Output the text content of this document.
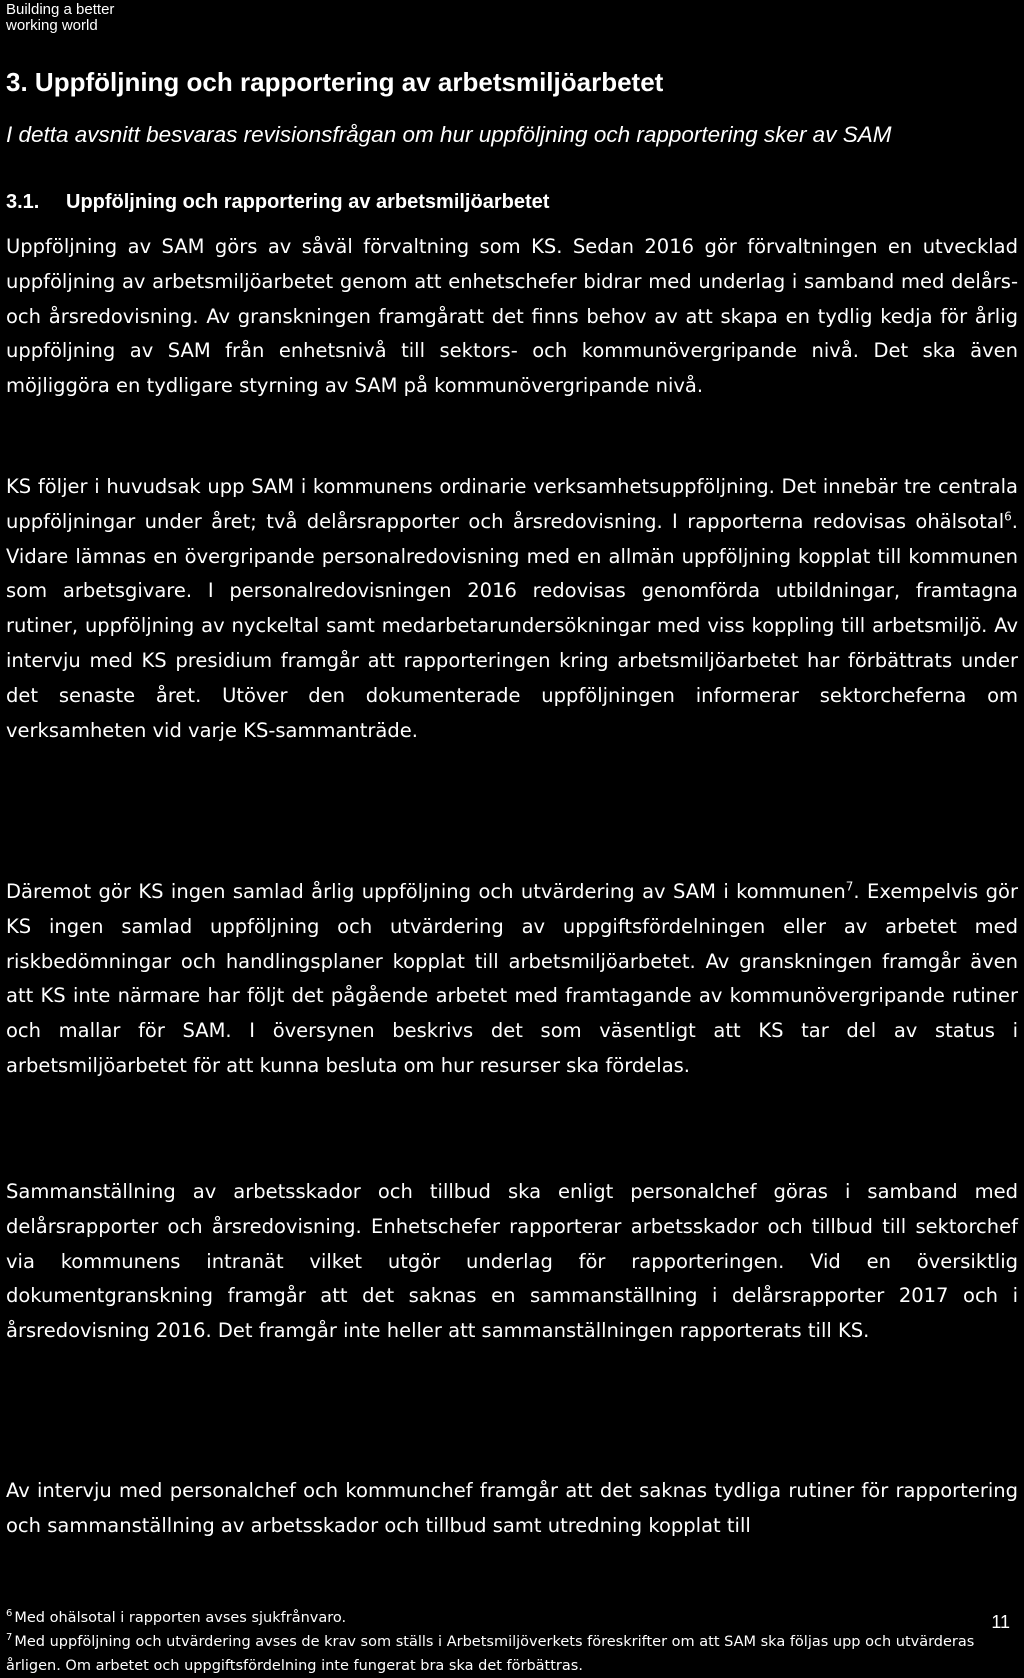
Building a better working world
3. Uppföljning och rapportering av arbetsmiljöarbetet

I detta avsnitt besvaras revisionsfrågan om hur uppföljning och rapportering sker av SAM

3.1. Uppföljning och rapportering av arbetsmiljöarbetet

Uppföljning av SAM görs av såväl förvaltning som KS. Sedan 2016 gör förvaltningen en utvecklad uppföljning av arbetsmiljöarbetet genom att enhetschefer bidrar med underlag i samband med delårs- och årsredovisning. Av granskningen framgåratt det finns behov av att skapa en tydlig kedja för årlig uppföljning av SAM från enhetsnivå till sektors- och kommunövergripande nivå. Det ska även möjliggöra en tydligare styrning av SAM på kommunövergripande nivå.

KS följer i huvudsak upp SAM i kommunens ordinarie verksamhetsuppföljning. Det innebär tre centrala uppföljningar under året; två delårsrapporter och årsredovisning. I rapporterna redovisas ohälsotal$^6$. Vidare lämnas en övergripande personalredovisning med en allmän uppföljning kopplat till kommunen som arbetsgivare. I personalredovisningen 2016 redovisas genomförda utbildningar, framtagna rutiner, uppföljning av nyckeltal samt medarbetarundersökningar med viss koppling till arbetsmiljö. Av intervju med KS presidium framgår att rapporteringen kring arbetsmiljöarbetet har förbättrats under det senaste året. Utöver den dokumenterade uppföljningen informerar sektorcheferna om verksamheten vid varje KS-sammanträde.

Däremot gör KS ingen samlad årlig uppföljning och utvärdering av SAM i kommunen$^7$. Exempelvis gör KS ingen samlad uppföljning och utvärdering av uppgiftsfördelningen eller av arbetet med riskbedömningar och handlingsplaner kopplat till arbetsmiljöarbetet. Av granskningen framgår även att KS inte närmare har följt det pågående arbetet med framtagande av kommunövergripande rutiner och mallar för SAM. I översynen beskrivs det som väsentligt att KS tar del av status i arbetsmiljöarbetet för att kunna besluta om hur resurser ska fördelas.

Sammanställning av arbetsskador och tillbud ska enligt personalchef göras i samband med delårsrapporter och årsredovisning. Enhetschefer rapporterar arbetsskador och tillbud till sektorchef via kommunens intranät vilket utgör underlag för rapporteringen. Vid en översiktlig dokumentgranskning framgår att det saknas en sammanställning i delårsrapporter 2017 och i årsredovisning 2016. Det framgår inte heller att sammanställningen rapporterats till KS.

Av intervju med personalchef och kommunchef framgår att det saknas tydliga rutiner för rapportering och sammanställning av arbetsskador och tillbud samt utredning kopplat till

$^6$ Med ohälsotal i rapporten avses sjukfrånvaro.

$^7$ Med uppföljning och utvärdering avses de krav som ställs i Arbetsmiljöverkets föreskrifter om att SAM ska följas upp och utvärderas årligen. Om arbetet och uppgiftsfördelning inte fungerat bra ska det förbättras.

11
